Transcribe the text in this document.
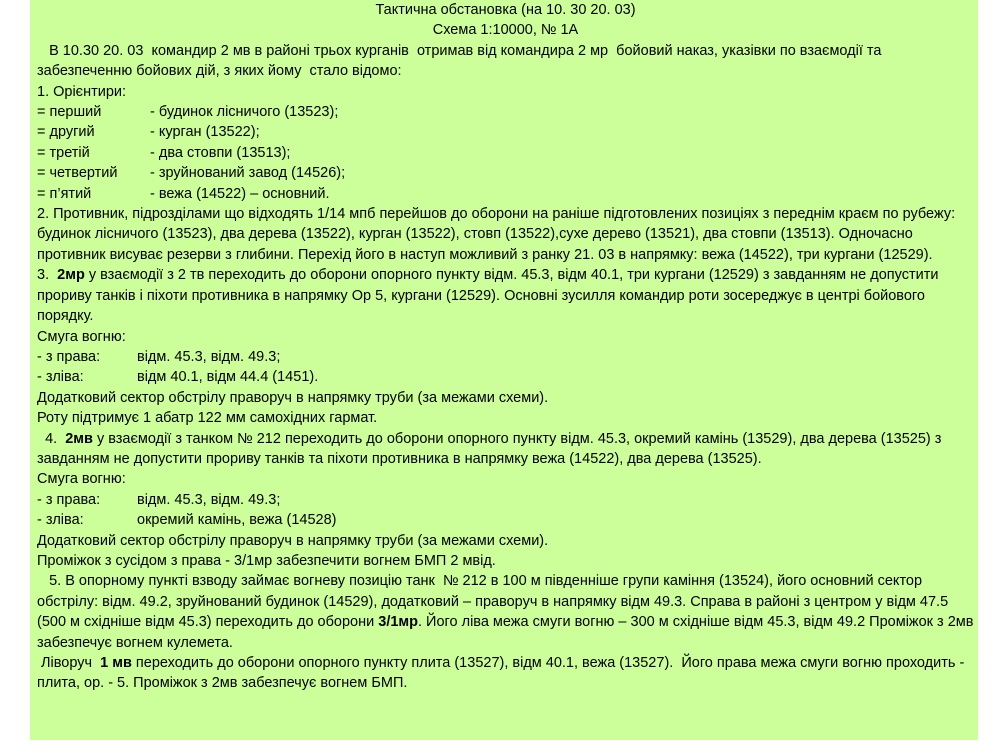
Тактична обстановка (на 10. 30 20. 03)
Схема 1:10000, № 1А
В 10.30 20. 03  командир 2 мв в районі трьох курганів  отримав від командира 2 мр  бойовий наказ, указівки по взаємодії та забезпеченню бойових дій, з яких йому  стало відомо:
1. Орієнтири:
= перший	- будинок лісничого (13523);
= другий	- курган (13522);
= третій	- два стовпи (13513);
= четвертий - зруйнований завод (14526);
= п’ятий	- вежа (14522) – основний.
2. Противник, підрозділами що відходять 1/14 мпб перейшов до оборони на раніше підготовлених позиціях з переднім краєм по рубежу: будинок лісничого (13523), два дерева (13522), курган (13522), стовп (13522),сухе дерево (13521), два стовпи (13513). Одночасно противник висуває резерви з глибини. Перехід його в наступ можливий з ранку 21. 03 в напрямку: вежа (14522), три кургани (12529).
3.  2мр у взаємодії з 2 тв переходить до оборони опорного пункту відм. 45.3, відм 40.1, три кургани (12529) з завданням не допустити прориву танків і піхоти противника в напрямку Ор 5, кургани (12529). Основні зусилля командир роти зосереджує в центрі бойового порядку.
Смуга вогню:
- з права:	відм. 45.3, відм. 49.3;
- зліва:	відм 40.1, відм 44.4 (1451).
Додатковий сектор обстрілу праворуч в напрямку труби (за межами схеми).
Роту підтримує 1 абатр 122 мм самохідних гармат.
4.  2мв у взаємодії з танком № 212 переходить до оборони опорного пункту відм. 45.3, окремий камінь (13529), два дерева (13525) з завданням не допустити прориву танків та піхоти противника в напрямку вежа (14522), два дерева (13525).
Смуга вогню:
- з права:	відм. 45.3, відм. 49.3;
- зліва:	окремий камінь, вежа (14528)
Додатковий сектор обстрілу праворуч в напрямку труби (за межами схеми).
Проміжок з сусідом з права - 3/1мр забезпечити вогнем БМП 2 мвід.
5. В опорному пункті взводу займає вогневу позицію танк  № 212 в 100 м південніше групи каміння (13524), його основний сектор обстрілу: відм. 49.2, зруйнований будинок (14529), додатковий – праворуч в напрямку відм 49.3. Справа в районі з центром у відм 47.5 (500 м східніше відм 45.3) переходить до оборони 3/1мр. Його ліва межа смуги вогню – 300 м східніше відм 45.3, відм 49.2 Проміжок з 2мв забезпечує вогнем кулемета.
Ліворуч  1 мв переходить до оборони опорного пункту плита (13527), відм 40.1, вежа (13527).  Його права межа смуги вогню проходить - плита, ор. - 5. Проміжок з 2мв забезпечує вогнем БМП.
